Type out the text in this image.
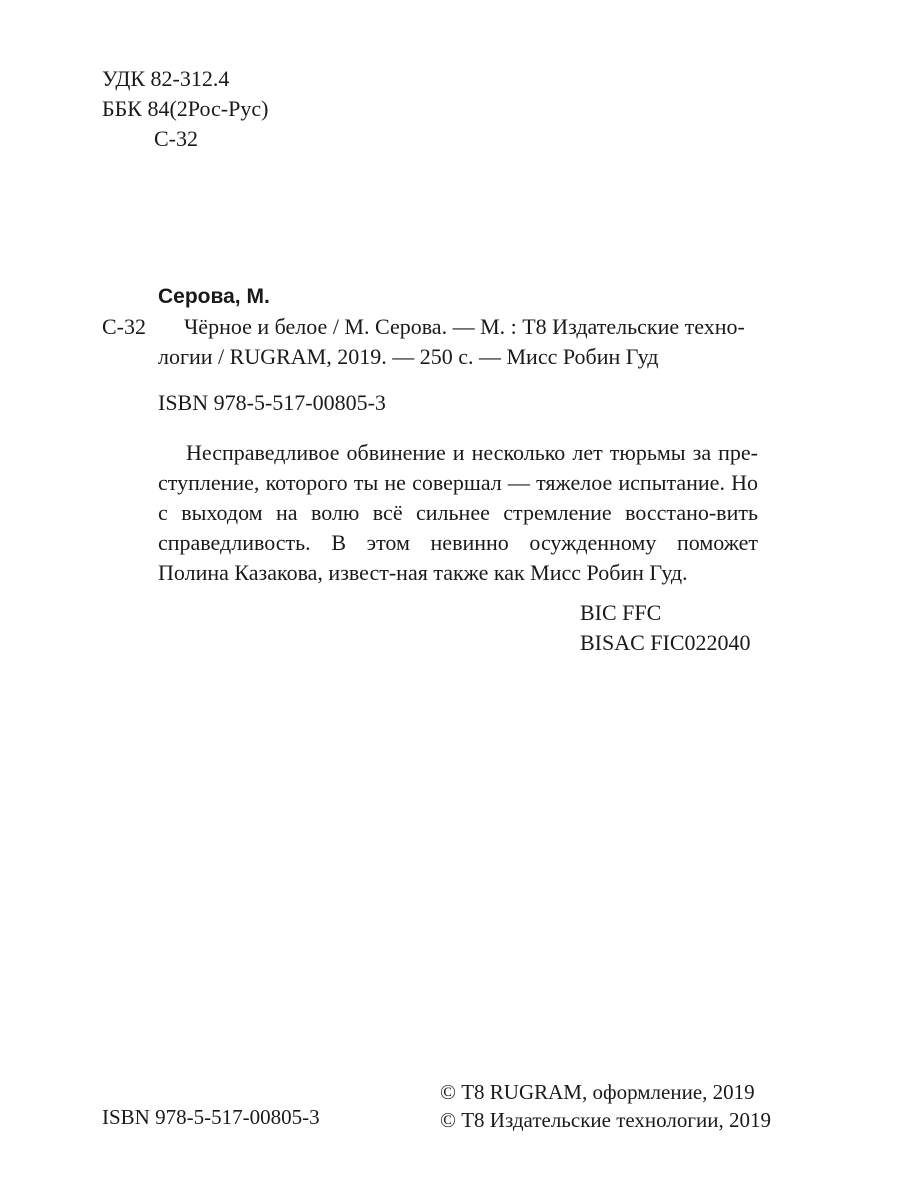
УДК 82-312.4
ББК 84(2Рос-Рус)
С-32
Серова, М.
С-32 Чёрное и белое / М. Серова. — М. : Т8 Издательские техно-
логии / RUGRAM, 2019. — 250 с. — Мисс Робин Гуд
ISBN 978-5-517-00805-3
Несправедливое обвинение и несколько лет тюрьмы за пре-ступление, которого ты не совершал — тяжелое испытание. Но с выходом на волю всё сильнее стремление восстано-вить справедливость. В этом невинно осужденному поможет Полина Казакова, извест-ная также как Мисс Робин Гуд.
BIC FFC
BISAC FIC022040
ISBN 978-5-517-00805-3
© Т8 RUGRAM, оформление, 2019
© Т8 Издательские технологии, 2019
